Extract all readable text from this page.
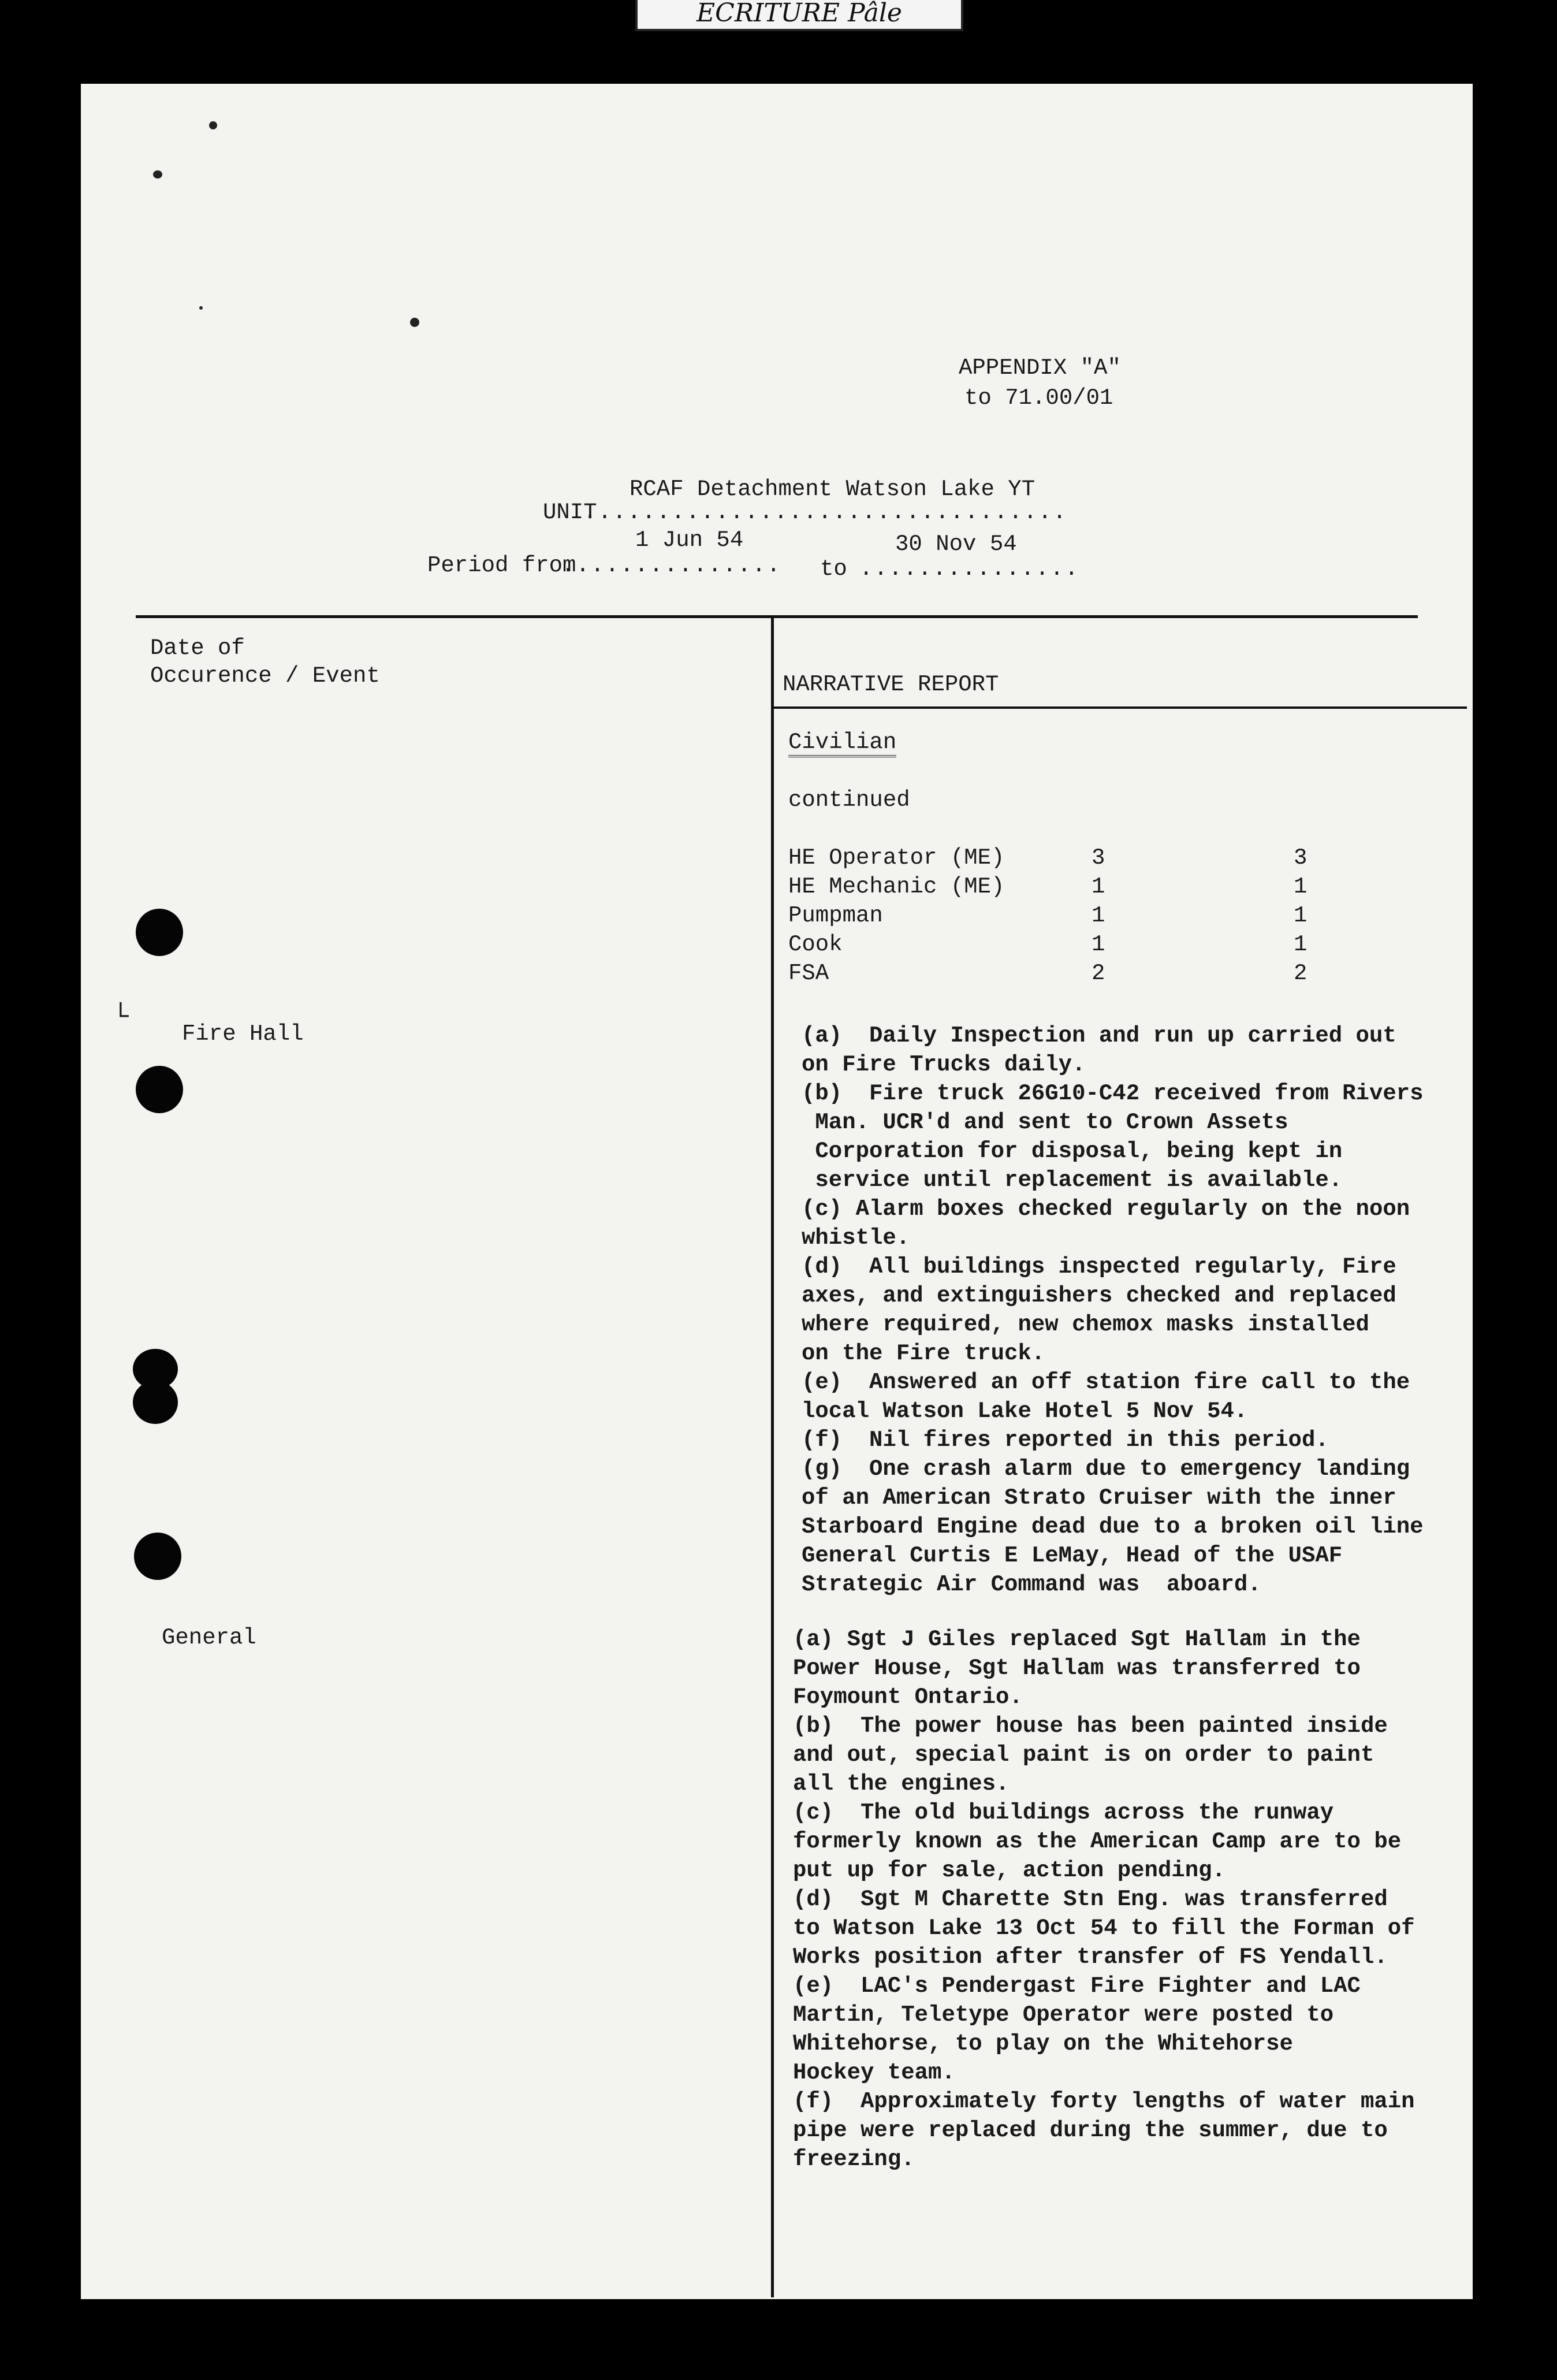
ECRITURE Pâle
APPENDIX "A"
to 71.00/01
RCAF Detachment Watson Lake YT
UNIT
.................................
1 Jun 54	30 Nov 54
Period from
............... to ...............
Date of
Occurence / Event	NARRATIVE REPORT
Civilian
continued
HE Operator (ME)	3	3
HE Mechanic (ME)	1	1
Pumpman	1	1
Cook	1	1
FSA	2	2
Fire Hall
└
(a)  Daily Inspection and run up carried out
on Fire Trucks daily.
(b)  Fire truck 26G10-C42 received from Rivers
Man. UCR'd and sent to Crown Assets
Corporation for disposal, being kept in
service until replacement is available.
(c) Alarm boxes checked regularly on the noon
whistle.
(d)  All buildings inspected regularly, Fire
axes, and extinguishers checked and replaced
where required, new chemox masks installed
on the Fire truck.
(e)  Answered an off station fire call to the
local Watson Lake Hotel 5 Nov 54.
(f)  Nil fires reported in this period.
(g)  One crash alarm due to emergency landing
of an American Strato Cruiser with the inner
Starboard Engine dead due to a broken oil line
General Curtis E LeMay, Head of the USAF
Strategic Air Command was  aboard.
General	(a) Sgt J Giles replaced Sgt Hallam in the
Power House, Sgt Hallam was transferred to
Foymount Ontario.
(b)  The power house has been painted inside
and out, special paint is on order to paint
all the engines.
(c)  The old buildings across the runway
formerly known as the American Camp are to be
put up for sale, action pending.
(d)  Sgt M Charette Stn Eng. was transferred
to Watson Lake 13 Oct 54 to fill the Forman of
Works position after transfer of FS Yendall.
(e)  LAC's Pendergast Fire Fighter and LAC
Martin, Teletype Operator were posted to
Whitehorse, to play on the Whitehorse
Hockey team.
(f)  Approximately forty lengths of water main
pipe were replaced during the summer, due to
freezing.
